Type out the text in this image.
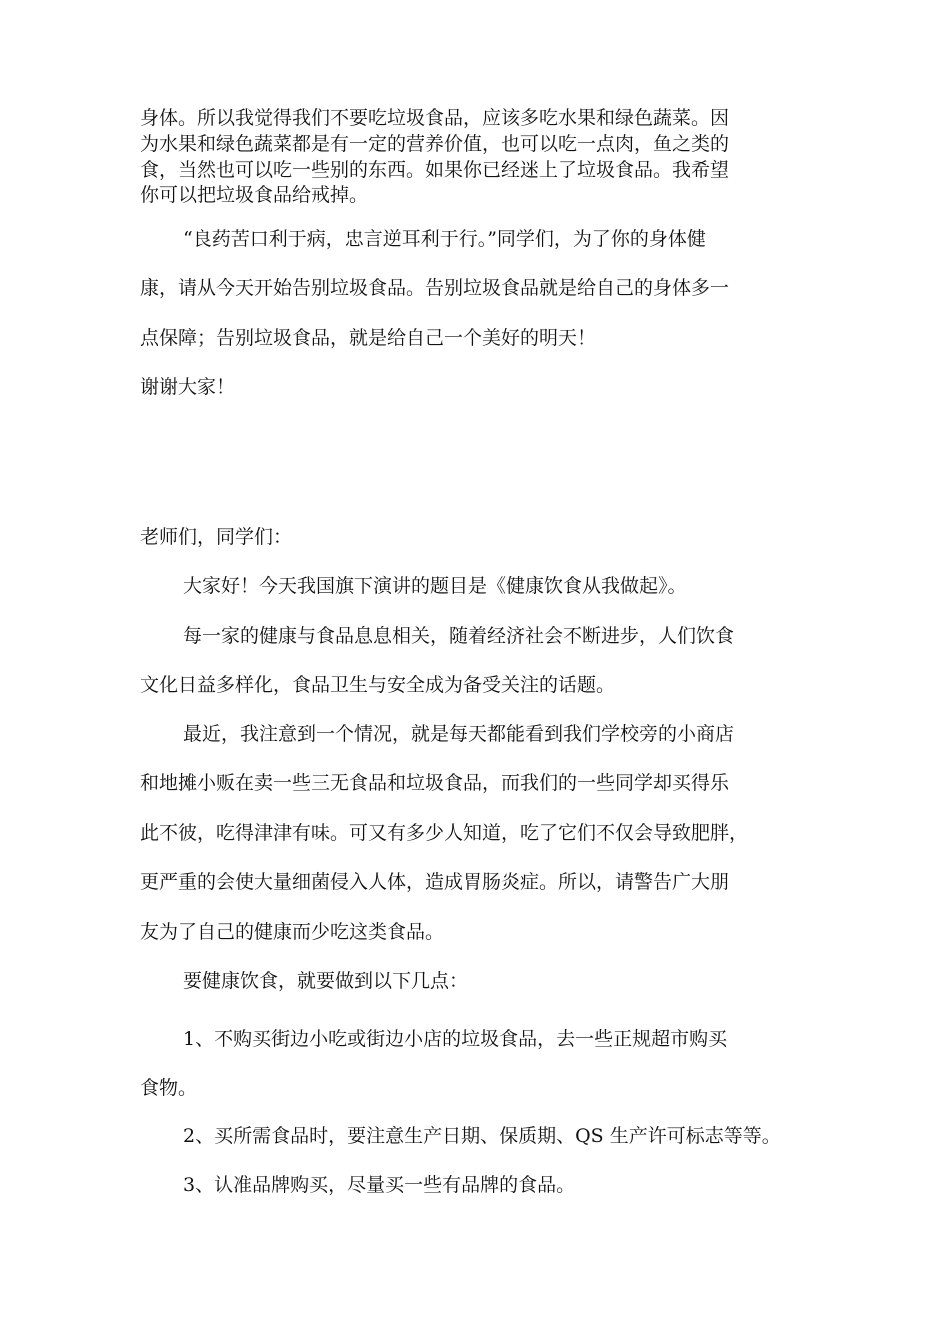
身体。所以我觉得我们不要吃垃圾食品，应该多吃水果和绿色蔬菜。因
为水果和绿色蔬菜都是有一定的营养价值，也可以吃一点肉，鱼之类的
食，当然也可以吃一些别的东西。如果你已经迷上了垃圾食品。我希望
你可以把垃圾食品给戒掉。
“良药苦口利于病，忠言逆耳利于行。”同学们，为了你的身体健
康，请从今天开始告别垃圾食品。告别垃圾食品就是给自己的身体多一
点保障；告别垃圾食品，就是给自己一个美好的明天！
谢谢大家！
老师们，同学们：
大家好！今天我国旗下演讲的题目是《健康饮食从我做起》。
每一家的健康与食品息息相关，随着经济社会不断进步，人们饮食
文化日益多样化，食品卫生与安全成为备受关注的话题。
最近，我注意到一个情况，就是每天都能看到我们学校旁的小商店
和地摊小贩在卖一些三无食品和垃圾食品，而我们的一些同学却买得乐
此不彼，吃得津津有味。可又有多少人知道，吃了它们不仅会导致肥胖，
更严重的会使大量细菌侵入人体，造成胃肠炎症。所以，请警告广大朋
友为了自己的健康而少吃这类食品。
要健康饮食，就要做到以下几点：
1、不购买街边小吃或街边小店的垃圾食品，去一些正规超市购买
食物。
2、买所需食品时，要注意生产日期、保质期、QS 生产许可标志等等。
3、认准品牌购买，尽量买一些有品牌的食品。
